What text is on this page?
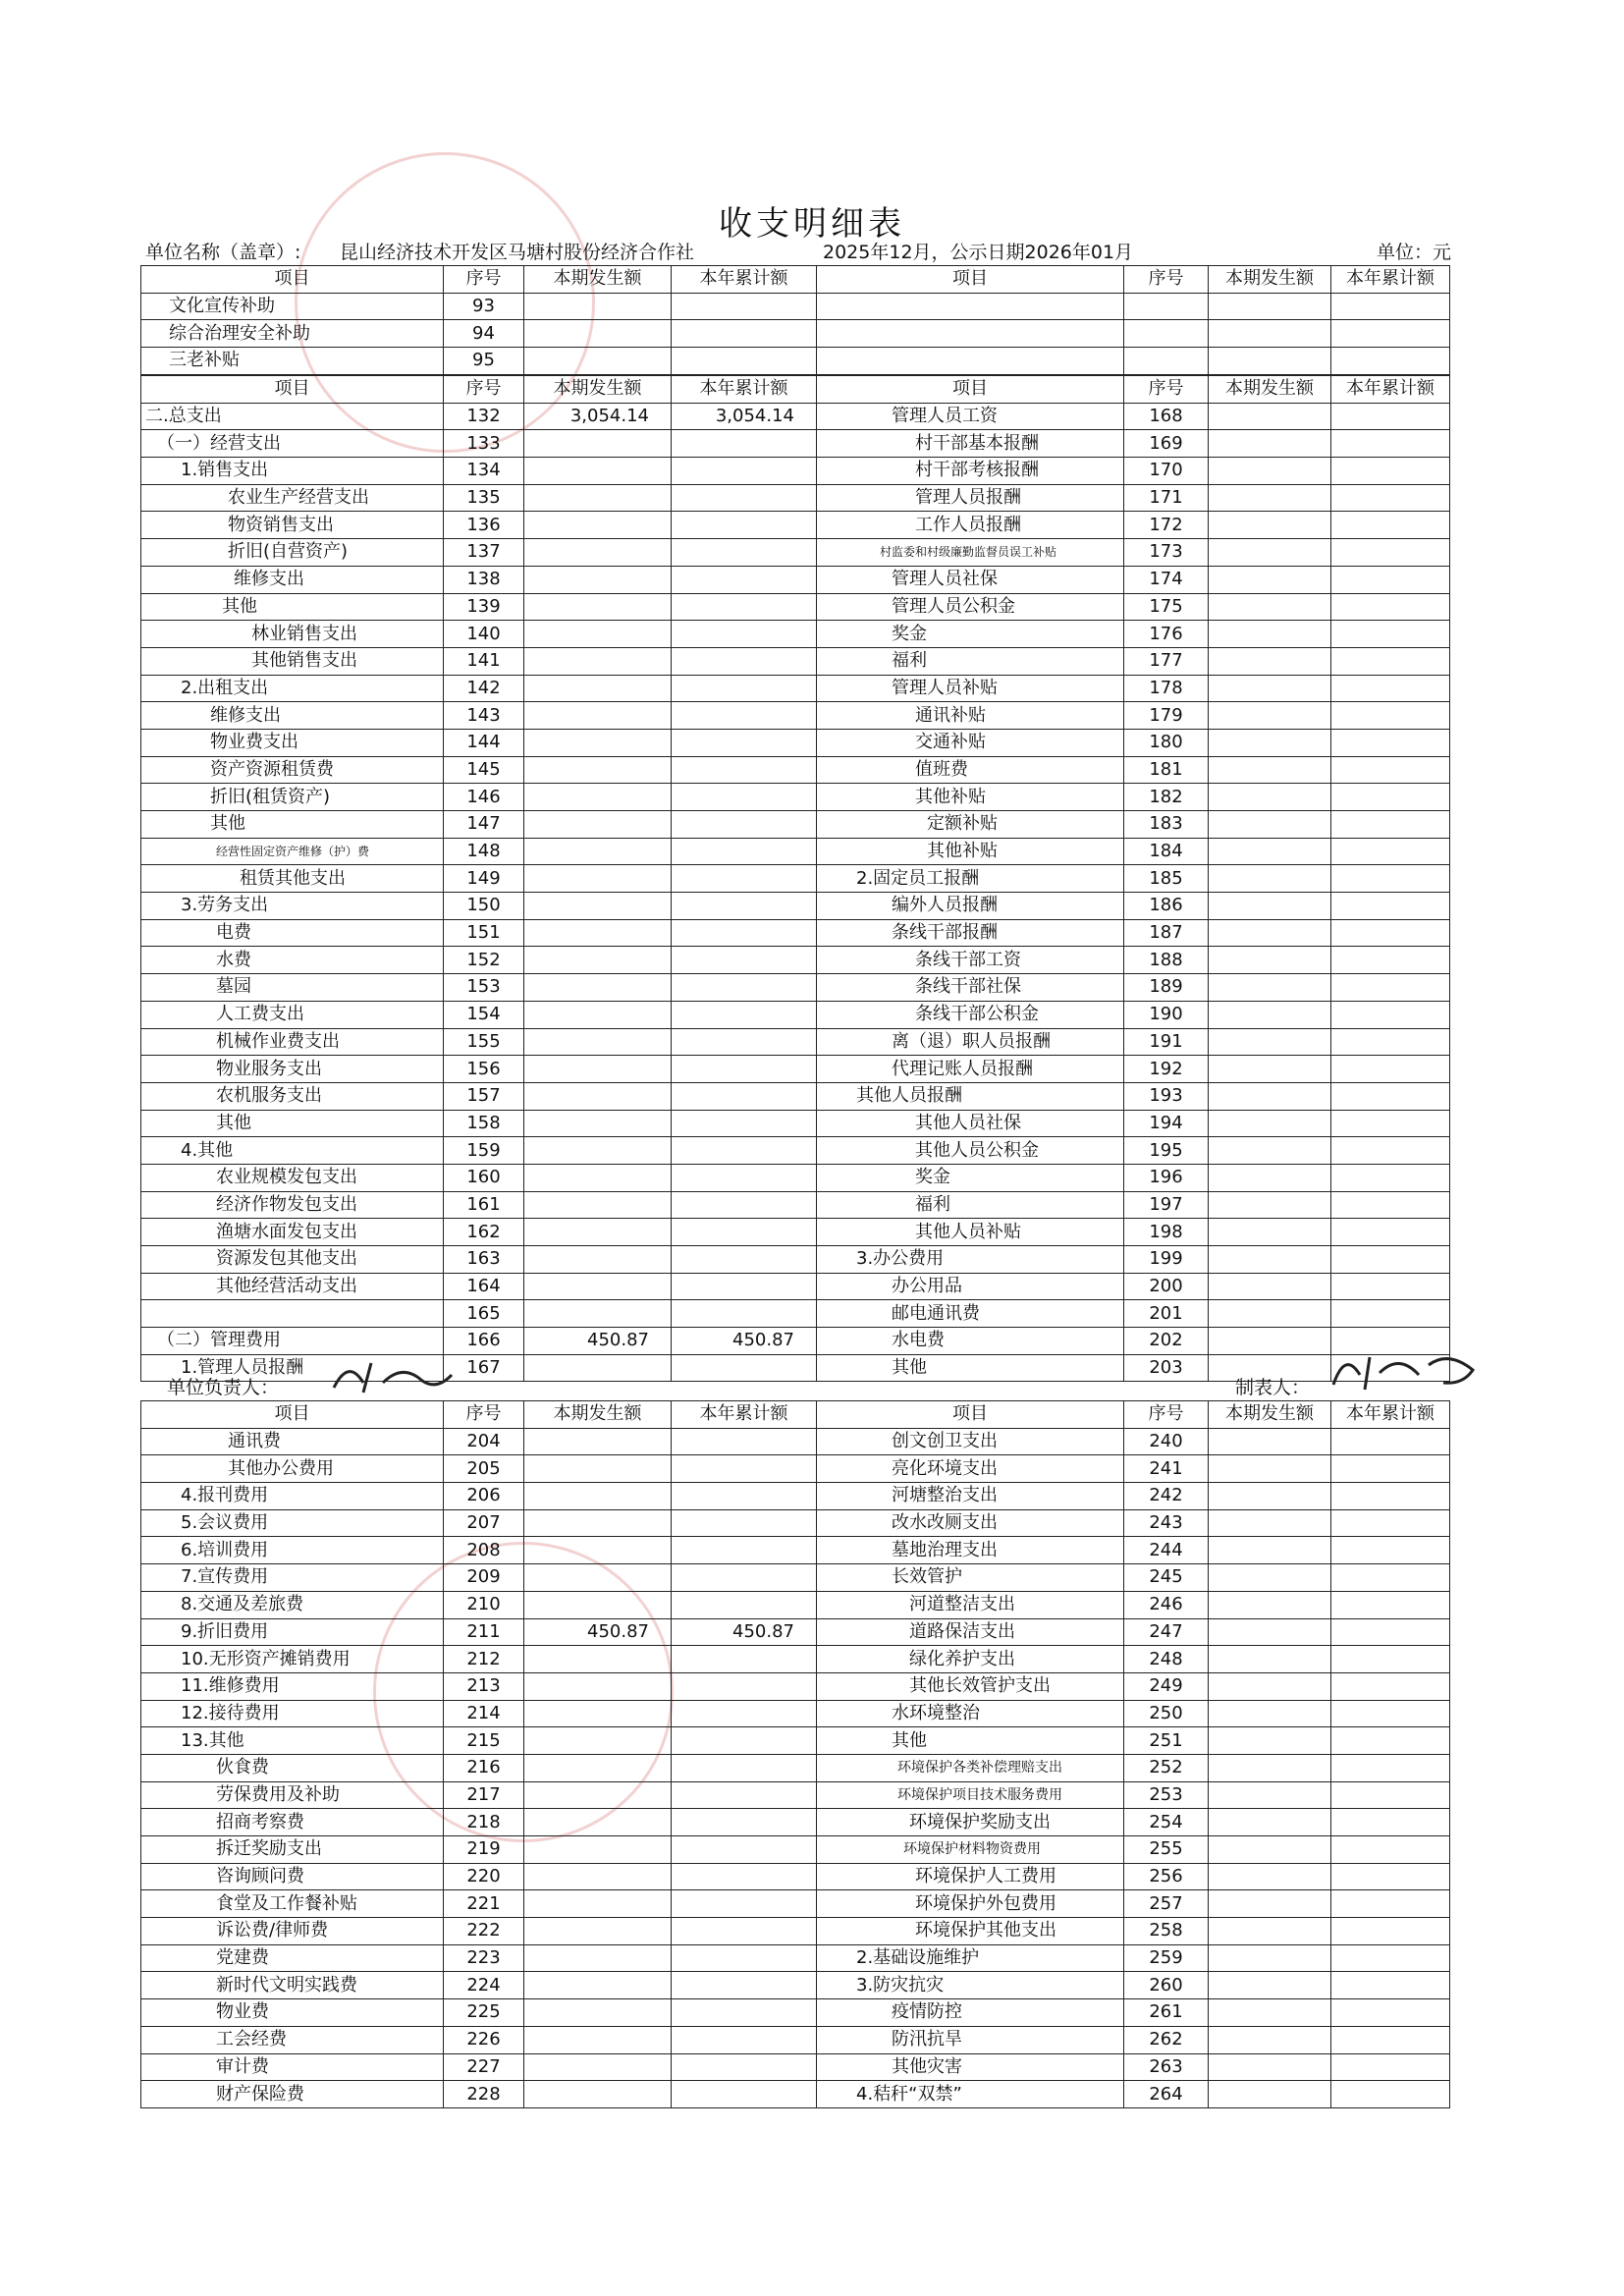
收支明细表
单位名称（盖章）: 昆山经济技术开发区马塘村股份经济合作社	2025年12月，公示日期2026年01月	单位：元
项目	序号	本期发生额	本年累计额	项目	序号	本期发生额	本年累计额
文化宣传补助	93						
综合治理安全补助	94						
三老补贴	95						
项目	序号	本期发生额	本年累计额	项目	序号	本期发生额	本年累计额
二.总支出	132	3,054.14	3,054.14	管理人员工资	168		
（一）经营支出	133			村干部基本报酬	169		
1.销售支出	134			村干部考核报酬	170		
农业生产经营支出	135			管理人员报酬	171		
物资销售支出	136			工作人员报酬	172		
折旧(自营资产)	137			村监委和村级廉勤监督员误工补贴	173		
维修支出	138			管理人员社保	174		
其他	139			管理人员公积金	175		
林业销售支出	140			奖金	176		
其他销售支出	141			福利	177		
2.出租支出	142			管理人员补贴	178		
维修支出	143			通讯补贴	179		
物业费支出	144			交通补贴	180		
资产资源租赁费	145			值班费	181		
折旧(租赁资产)	146			其他补贴	182		
其他	147			定额补贴	183		
经营性固定资产维修（护）费	148			其他补贴	184		
租赁其他支出	149			2.固定员工报酬	185		
3.劳务支出	150			编外人员报酬	186		
电费	151			条线干部报酬	187		
水费	152			条线干部工资	188		
墓园	153			条线干部社保	189		
人工费支出	154			条线干部公积金	190		
机械作业费支出	155			离（退）职人员报酬	191		
物业服务支出	156			代理记账人员报酬	192		
农机服务支出	157			其他人员报酬	193		
其他	158			其他人员社保	194		
4.其他	159			其他人员公积金	195		
农业规模发包支出	160			奖金	196		
经济作物发包支出	161			福利	197		
渔塘水面发包支出	162			其他人员补贴	198		
资源发包其他支出	163			3.办公费用	199		
其他经营活动支出	164			办公用品	200		
	165			邮电通讯费	201		
（二）管理费用	166	450.87	450.87	水电费	202		
1.管理人员报酬	167			其他	203		
单位负责人：	制表人：
项目	序号	本期发生额	本年累计额	项目	序号	本期发生额	本年累计额
通讯费	204			创文创卫支出	240		
其他办公费用	205			亮化环境支出	241		
4.报刊费用	206			河塘整治支出	242		
5.会议费用	207			改水改厕支出	243		
6.培训费用	208			墓地治理支出	244		
7.宣传费用	209			长效管护	245		
8.交通及差旅费	210			河道整洁支出	246		
9.折旧费用	211	450.87	450.87	道路保洁支出	247		
10.无形资产摊销费用	212			绿化养护支出	248		
11.维修费用	213			其他长效管护支出	249		
12.接待费用	214			水环境整治	250		
13.其他	215			其他	251		
伙食费	216			环境保护各类补偿理赔支出	252		
劳保费用及补助	217			环境保护项目技术服务费用	253		
招商考察费	218			环境保护奖励支出	254		
拆迁奖励支出	219			环境保护材料物资费用	255		
咨询顾问费	220			环境保护人工费用	256		
食堂及工作餐补贴	221			环境保护外包费用	257		
诉讼费/律师费	222			环境保护其他支出	258		
党建费	223			2.基础设施维护	259		
新时代文明实践费	224			3.防灾抗灾	260		
物业费	225			疫情防控	261		
工会经费	226			防汛抗旱	262		
审计费	227			其他灾害	263		
财产保险费	228			4.秸秆“双禁”	264		
